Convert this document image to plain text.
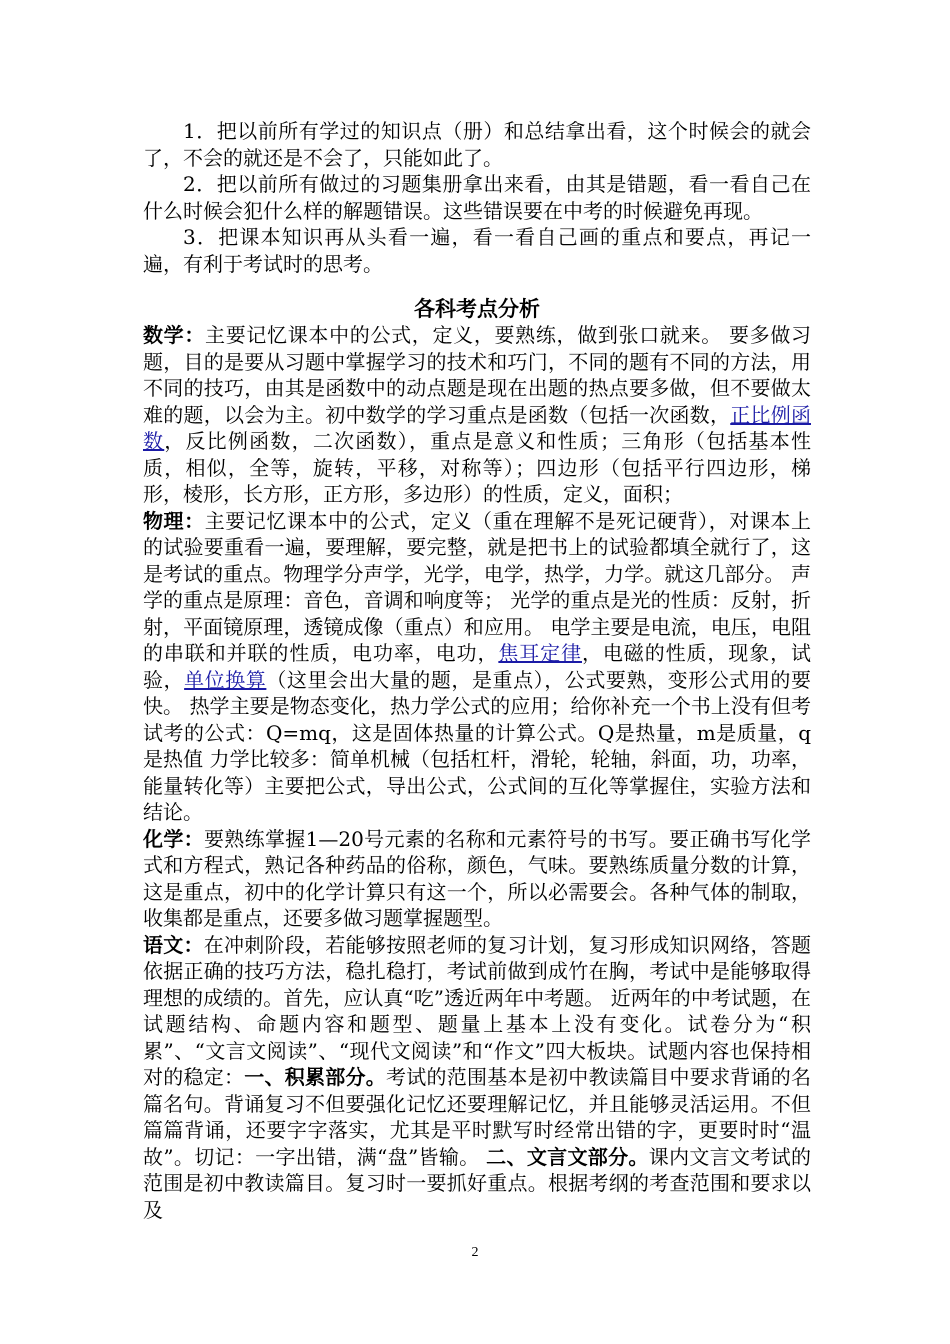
1．把以前所有学过的知识点（册）和总结拿出看，这个时候会的就会了，不会的就还是不会了，只能如此了。

2．把以前所有做过的习题集册拿出来看，由其是错题，看一看自己在什么时候会犯什么样的解题错误。这些错误要在中考的时候避免再现。

3．把课本知识再从头看一遍，看一看自己画的重点和要点，再记一遍，有利于考试时的思考。

各科考点分析

数学：主要记忆课本中的公式，定义，要熟练，做到张口就来。 要多做习题，目的是要从习题中掌握学习的技术和巧门，不同的题有不同的方法，用不同的技巧，由其是函数中的动点题是现在出题的热点要多做，但不要做太难的题，以会为主。初中数学的学习重点是函数（包括一次函数，正比例函数，反比例函数，二次函数），重点是意义和性质；三角形（包括基本性质，相似，全等，旋转，平移，对称等）；四边形（包括平行四边形，梯形，棱形，长方形，正方形，多边形）的性质，定义，面积；

物理：主要记忆课本中的公式，定义（重在理解不是死记硬背），对课本上的试验要重看一遍，要理解，要完整，就是把书上的试验都填全就行了，这是考试的重点。物理学分声学，光学，电学，热学，力学。就这几部分。 声学的重点是原理：音色，音调和响度等； 光学的重点是光的性质：反射，折射，平面镜原理，透镜成像（重点）和应用。 电学主要是电流，电压，电阻的串联和并联的性质，电功率，电功，焦耳定律，电磁的性质，现象，试验，单位换算（这里会出大量的题，是重点），公式要熟，变形公式用的要快。 热学主要是物态变化，热力学公式的应用；给你补充一个书上没有但考试考的公式：Q=mq，这是固体热量的计算公式。Q是热量，m是质量，q是热值 力学比较多：简单机械（包括杠杆，滑轮，轮轴，斜面，功，功率，能量转化等）主要把公式，导出公式，公式间的互化等掌握住，实验方法和结论。

化学：要熟练掌握1—20号元素的名称和元素符号的书写。要正确书写化学式和方程式，熟记各种药品的俗称，颜色，气味。要熟练质量分数的计算，这是重点，初中的化学计算只有这一个，所以必需要会。各种气体的制取，收集都是重点，还要多做习题掌握题型。

语文：在冲刺阶段，若能够按照老师的复习计划，复习形成知识网络，答题依据正确的技巧方法，稳扎稳打，考试前做到成竹在胸，考试中是能够取得理想的成绩的。首先，应认真“吃”透近两年中考题。 近两年的中考试题，在试题结构、命题内容和题型、题量上基本上没有变化。试卷分为“积累”、“文言文阅读”、“现代文阅读”和“作文”四大板块。试题内容也保持相对的稳定：一、积累部分。考试的范围基本是初中教读篇目中要求背诵的名篇名句。背诵复习不但要强化记忆还要理解记忆，并且能够灵活运用。不但篇篇背诵，还要字字落实，尤其是平时默写时经常出错的字，更要时时“温故”。切记：一字出错，满“盘”皆输。 二、文言文部分。课内文言文考试的范围是初中教读篇目。复习时一要抓好重点。根据考纲的考查范围和要求以及

2
